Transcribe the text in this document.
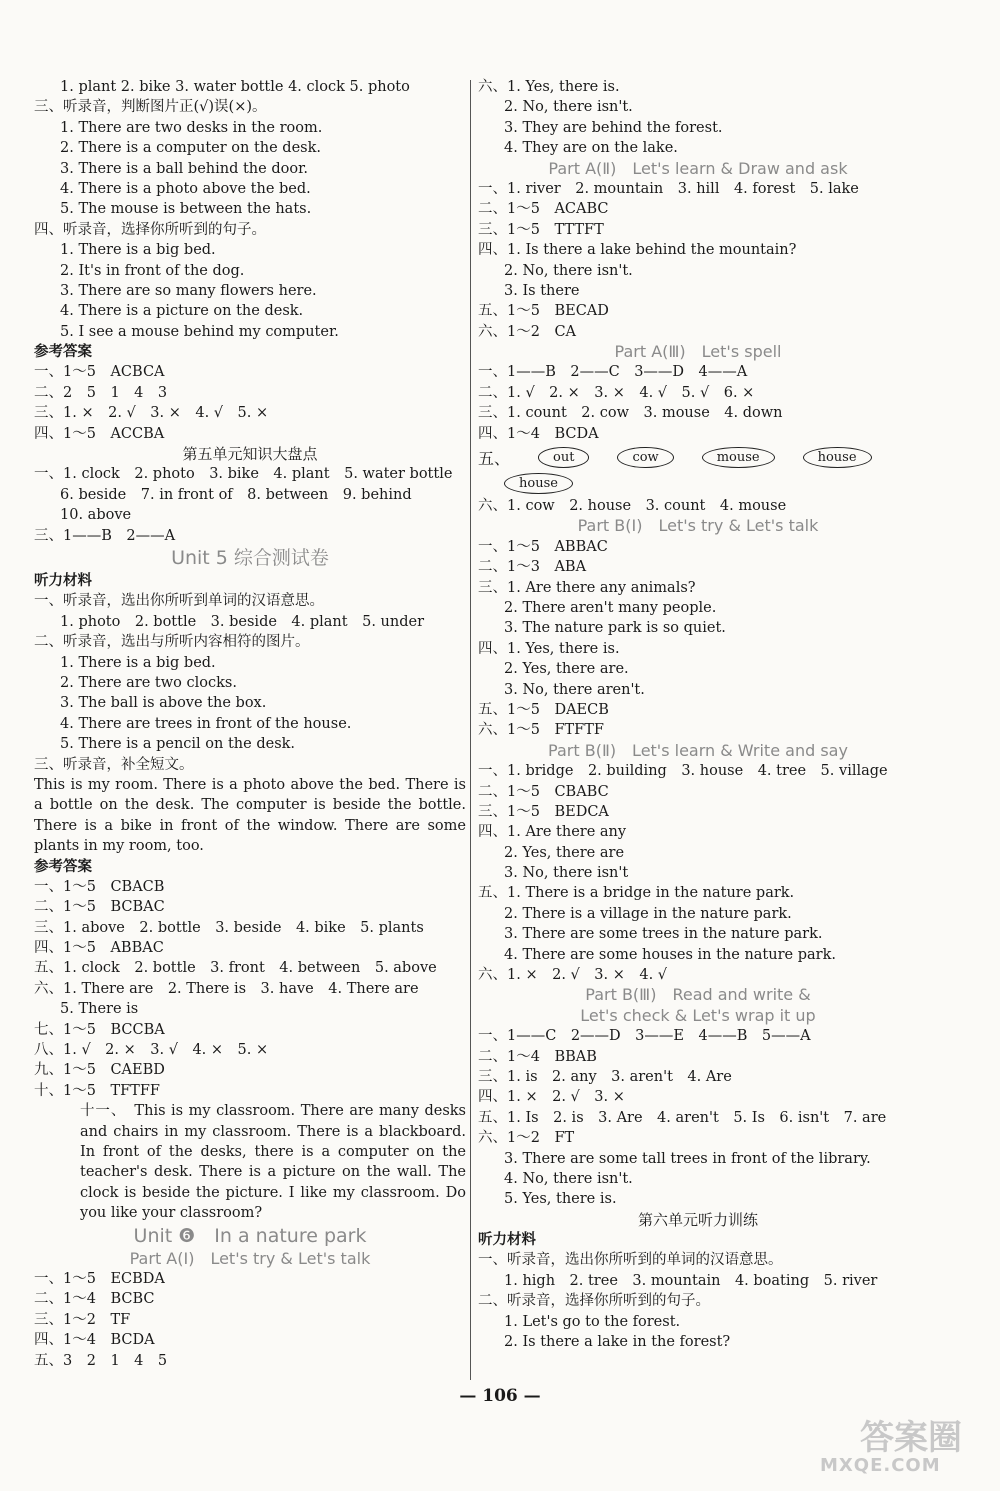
1. plant 2. bike 3. water bottle 4. clock 5. photo
三、听录音，判断图片正(√)误(×)。
1. There are two desks in the room.
2. There is a computer on the desk.
3. There is a ball behind the door.
4. There is a photo above the bed.
5. The mouse is between the hats.
四、听录音，选择你所听到的句子。
1. There is a big bed.
2. It's in front of the dog.
3. There are so many flowers here.
4. There is a picture on the desk.
5. I see a mouse behind my computer.
参考答案
一、1～5　ACBCA
二、2　5　1　4　3
三、1. ×　2. √　3. ×　4. √　5. ×
四、1～5　ACCBA
第五单元知识大盘点
一、1. clock　2. photo　3. bike　4. plant　5. water bottle
6. beside　7. in front of　8. between　9. behind
10. above
三、1——B　2——A
Unit 5 综合测试卷
听力材料
一、听录音，选出你所听到单词的汉语意思。
1. photo　2. bottle　3. beside　4. plant　5. under
二、听录音，选出与所听内容相符的图片。
1. There is a big bed.
2. There are two clocks.
3. The ball is above the box.
4. There are trees in front of the house.
5. There is a pencil on the desk.
三、听录音，补全短文。
This is my room. There is a photo above the bed. There is a bottle on the desk. The computer is beside the bottle. There is a bike in front of the window. There are some plants in my room, too.
参考答案
一、1～5　CBACB
二、1～5　BCBAC
三、1. above　2. bottle　3. beside　4. bike　5. plants
四、1～5　ABBAC
五、1. clock　2. bottle　3. front　4. between　5. above
六、1. There are　2. There is　3. have　4. There are
5. There is
七、1～5　BCCBA
八、1. √　2. ×　3. √　4. ×　5. ×
九、1～5　CAEBD
十、1～5　TFTFF
十一、　This is my classroom. There are many desks and chairs in my classroom. There is a blackboard. In front of the desks, there is a computer on the teacher's desk. There is a picture on the wall. The clock is beside the picture. I like my classroom. Do you like your classroom?
Unit ❻　In a nature park
Part A(Ⅰ)　Let's try & Let's talk
一、1～5　ECBDA
二、1～4　BCBC
三、1～2　TF
四、1～4　BCDA
五、3　2　1　4　5
六、1. Yes, there is.
2. No, there isn't.
3. They are behind the forest.
4. They are on the lake.
Part A(Ⅱ)　Let's learn & Draw and ask
一、1. river　2. mountain　3. hill　4. forest　5. lake
二、1～5　ACABC
三、1～5　TTTFT
四、1. Is there a lake behind the mountain?
2. No, there isn't.
3. Is there
五、1～5　BECAD
六、1～2　CA
Part A(Ⅲ)　Let's spell
一、1——B　2——C　3——D　4——A
二、1. √　2. ×　3. ×　4. √　5. √　6. ×
三、1. count　2. cow　3. mouse　4. down
四、1～4　BCDA
五、	out	cow	mouse	house
house
六、1. cow　2. house　3. count　4. mouse
Part B(Ⅰ)　Let's try & Let's talk
一、1～5　ABBAC
二、1～3　ABA
三、1. Are there any animals?
2. There aren't many people.
3. The nature park is so quiet.
四、1. Yes, there is.
2. Yes, there are.
3. No, there aren't.
五、1～5　DAECB
六、1～5　FTFTF
Part B(Ⅱ)　Let's learn & Write and say
一、1. bridge　2. building　3. house　4. tree　5. village
二、1～5　CBABC
三、1～5　BEDCA
四、1. Are there any
2. Yes, there are
3. No, there isn't
五、1. There is a bridge in the nature park.
2. There is a village in the nature park.
3. There are some trees in the nature park.
4. There are some houses in the nature park.
六、1. ×　2. √　3. ×　4. √
Part B(Ⅲ)　Read and write &
Let's check & Let's wrap it up
一、1——C　2——D　3——E　4——B　5——A
二、1～4　BBAB
三、1. is　2. any　3. aren't　4. Are
四、1. ×　2. √　3. ×
五、1. Is　2. is　3. Are　4. aren't　5. Is　6. isn't　7. are
六、1～2　FT
3. There are some tall trees in front of the library.
4. No, there isn't.
5. Yes, there is.
第六单元听力训练
听力材料
一、听录音，选出你所听到的单词的汉语意思。
1. high　2. tree　3. mountain　4. boating　5. river
二、听录音，选择你所听到的句子。
1. Let's go to the forest.
2. Is there a lake in the forest?
— 106 —
答案圈
MXQE.COM
